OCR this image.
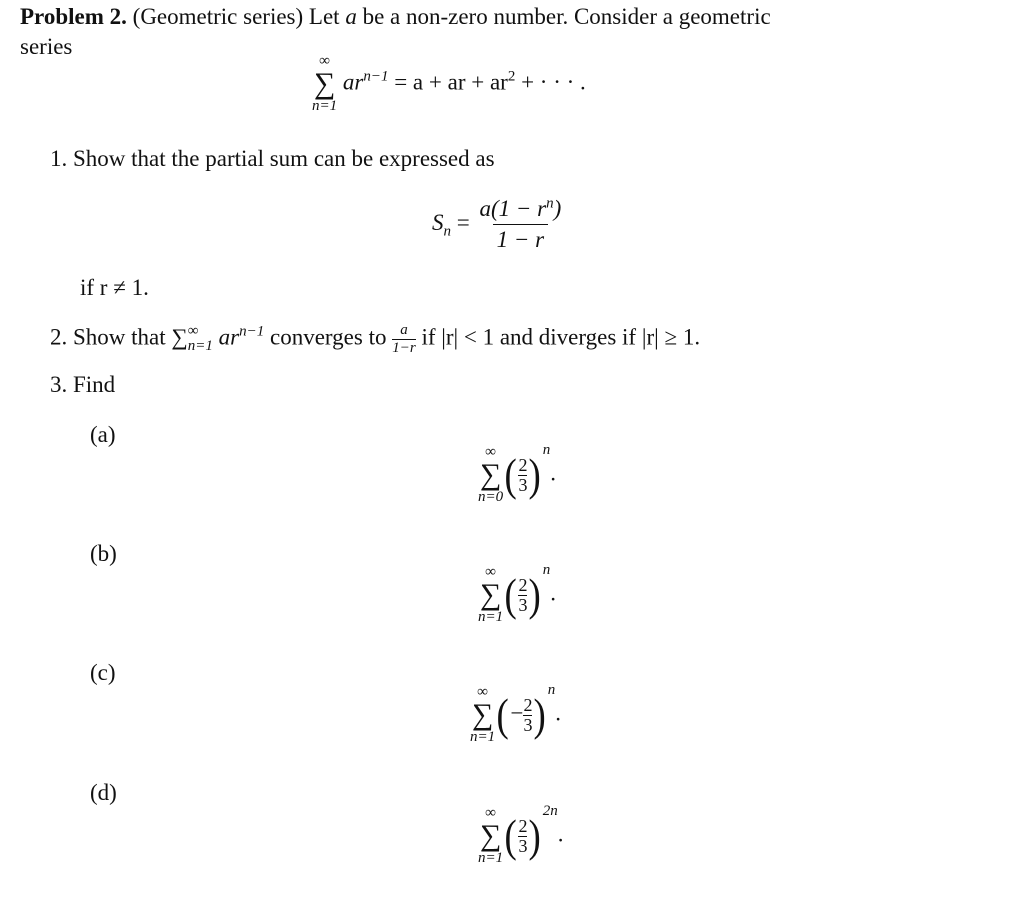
Problem 2. (Geometric series) Let a be a non-zero number. Consider a geometric
series
∞
∑
n=1
$ar^{n-1} = a$ + ar + $ar^2$ + · · · .
1. Show that the partial sum can be expressed as
$S_n = \frac{a(1 - r^n)}{1 - r}$
if r ≠ 1.
2. Show that ∑ ∞
n=1 $ar^{n-1}$ converges to $\frac{a}{1-r}$ if |r| < 1 and diverges if |r| ≥ 1.
3. Find
(a)
∞
∑
n=0 ( $\frac{2}{3}$ ) $^n$.
(b)
∞
∑
n=1 ( $\frac{2}{3}$ ) $^n$.
(c)
∞
∑
n=1 (− $\frac{2}{3}$ ) $^n$.
(d)
∞
∑
n=1 ( $\frac{2}{3}$ ) $^{2n}$.
